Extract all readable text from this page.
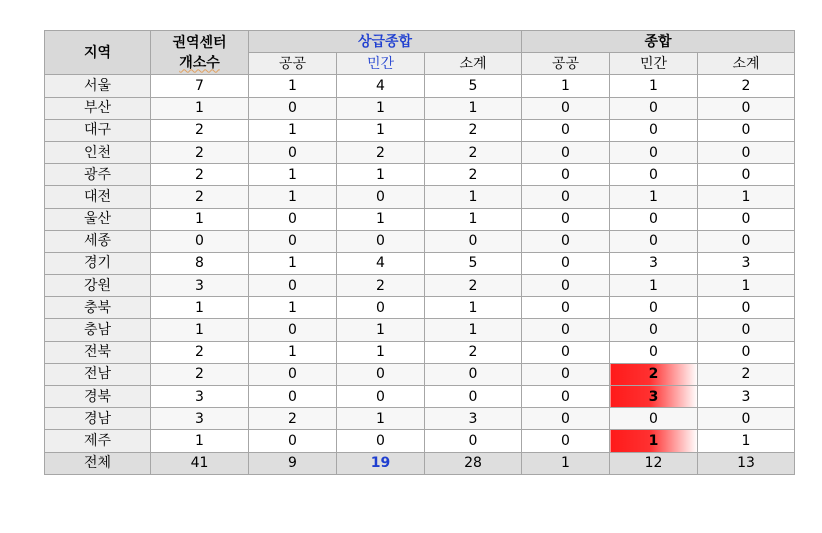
지역	권역센터
개소수	상급종합			종합		
		공공	민간	소계	공공	민간	소계
서울	7	1	4	5	1	1	2
부산	1	0	1	1	0	0	0
대구	2	1	1	2	0	0	0
인천	2	0	2	2	0	0	0
광주	2	1	1	2	0	0	0
대전	2	1	0	1	0	1	1
울산	1	0	1	1	0	0	0
세종	0	0	0	0	0	0	0
경기	8	1	4	5	0	3	3
강원	3	0	2	2	0	1	1
충북	1	1	0	1	0	0	0
충남	1	0	1	1	0	0	0
전북	2	1	1	2	0	0	0
전남	2	0	0	0	0	2	2
경북	3	0	0	0	0	3	3
경남	3	2	1	3	0	0	0
제주	1	0	0	0	0	1	1
전체	41	9	19	28	1	12	13
